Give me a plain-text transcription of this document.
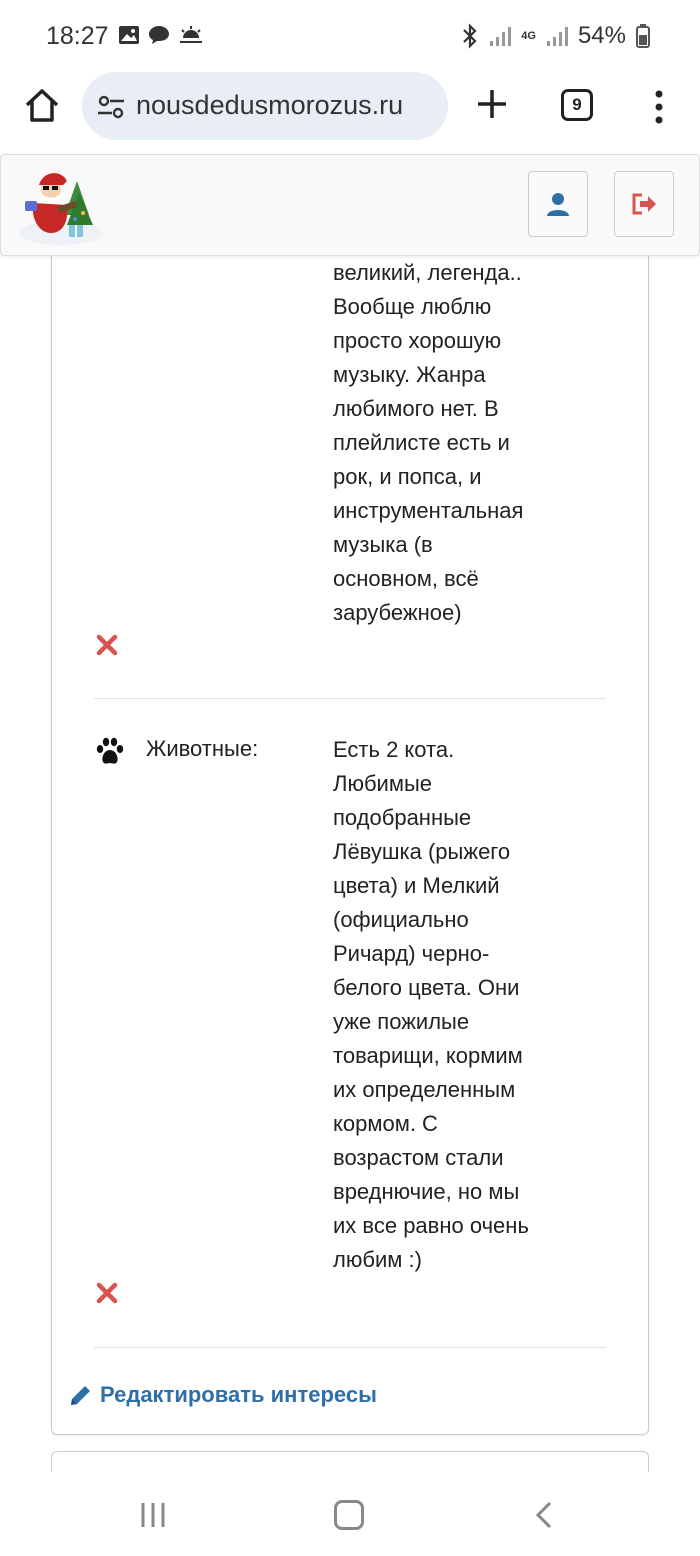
18:27	4G 54%
nousdedusmorozus.ru	9

великий, легенда..

Вообще люблю

просто хорошую

музыку. Жанра

любимого нет. В

плейлисте есть и

рок, и попса, и

инструментальная

музыка (в

основном, всё

зарубежное)

Животные:	Есть 2 кота.

Любимые

подобранные

Лёвушка (рыжего

цвета) и Мелкий

(официально

Ричард) черно-

белого цвета. Они

уже пожилые

товарищи, кормим

их определенным

кормом. С

возрастом стали

вреднючие, но мы

их все равно очень

любим :)

Редактировать интересы
